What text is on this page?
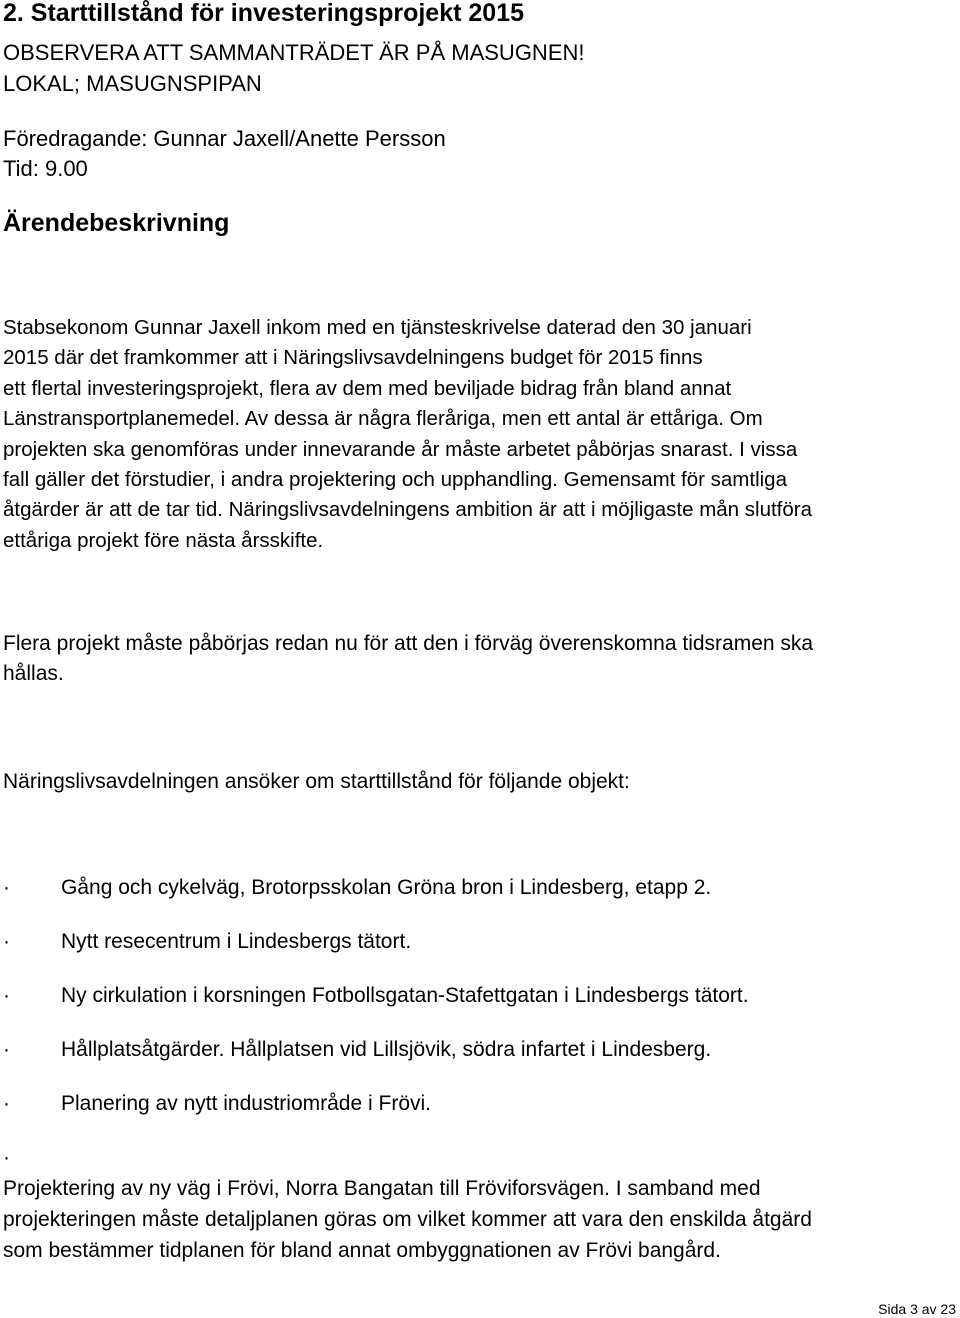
2. Starttillstånd för investeringsprojekt 2015
OBSERVERA ATT SAMMANTRÄDET ÄR PÅ MASUGNEN!
LOKAL; MASUGNSPIPAN
Föredragande: Gunnar Jaxell/Anette Persson
Tid: 9.00
Ärendebeskrivning
Stabsekonom Gunnar Jaxell inkom med en tjänsteskrivelse daterad den 30 januari
2015 där det framkommer att i Näringslivsavdelningens budget för 2015 finns
ett flertal investeringsprojekt, flera av dem med beviljade bidrag från bland annat
Länstransportplanemedel. Av dessa är några fleråriga, men ett antal är ettåriga. Om
projekten ska genomföras under innevarande år måste arbetet påbörjas snarast. I vissa
fall gäller det förstudier, i andra projektering och upphandling. Gemensamt för samtliga
åtgärder är att de tar tid. Näringslivsavdelningens ambition är att i möjligaste mån slutföra
ettåriga projekt före nästa årsskifte.
Flera projekt måste påbörjas redan nu för att den i förväg överenskomna tidsramen ska
hållas.
Näringslivsavdelningen ansöker om starttillstånd för följande objekt:
· Gång och cykelväg, Brotorpsskolan Gröna bron i Lindesberg, etapp 2.
· Nytt resecentrum i Lindesbergs tätort.
· Ny cirkulation i korsningen Fotbollsgatan-Stafettgatan i Lindesbergs tätort.
· Hållplatsåtgärder. Hållplatsen vid Lillsjövik, södra infartet i Lindesberg.
· Planering av nytt industriområde i Frövi.
·
Projektering av ny väg i Frövi, Norra Bangatan till Fröviforsvägen. I samband med
projekteringen måste detaljplanen göras om vilket kommer att vara den enskilda åtgärd
som bestämmer tidplanen för bland annat ombyggnationen av Frövi bangård.
Sida 3 av 23
